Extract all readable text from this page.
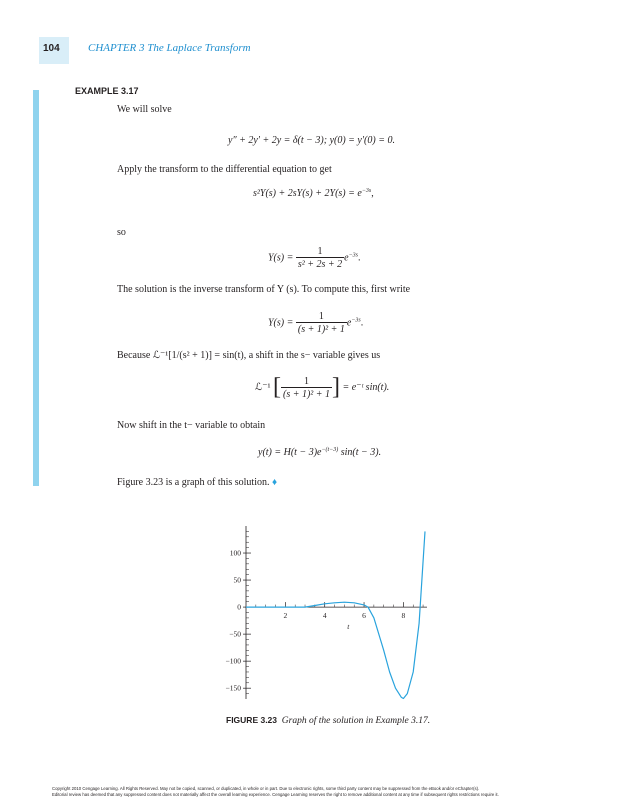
104	CHAPTER 3 The Laplace Transform
EXAMPLE 3.17
We will solve
y″ + 2y′ + 2y = δ(t − 3); y(0) = y′(0) = 0.
Apply the transform to the differential equation to get
$s^2Y(s) + 2sY(s) + 2Y(s) = e^{-3s}$,
so
$Y(s) = \frac{1}{\text{s² + 2s + 2}} e^{-3s}$.
The solution is the inverse transform of Y (s). To compute this, first write
$Y(s) = \frac{1}{\text{(s + 1)² + 1}} e^{-3s}$.
Because ℒ⁻¹[1/(s² + 1)] = sin(t), a shift in the s− variable gives us
ℒ⁻¹ [ $\frac{1}{\text{(s + 1)² + 1}}$ ] = e⁻ᵗ sin(t).
Now shift in the t− variable to obtain
$y(t) = H(t - 3)e^{-(t-3)}$ sin(t − 3).
Figure 3.23 is a graph of this solution. ♦
100
50
0
−50
−100
−150
2	4	6	8
t
FIGURE 3.23 Graph of the solution in Example 3.17.
Copyright 2010 Cengage Learning. All Rights Reserved. May not be copied, scanned, or duplicated, in whole or in part. Due to electronic rights, some third party content may be suppressed from the eBook and/or eChapter(s).
Editorial review has deemed that any suppressed content does not materially affect the overall learning experience. Cengage Learning reserves the right to remove additional content at any time if subsequent rights restrictions require it.
